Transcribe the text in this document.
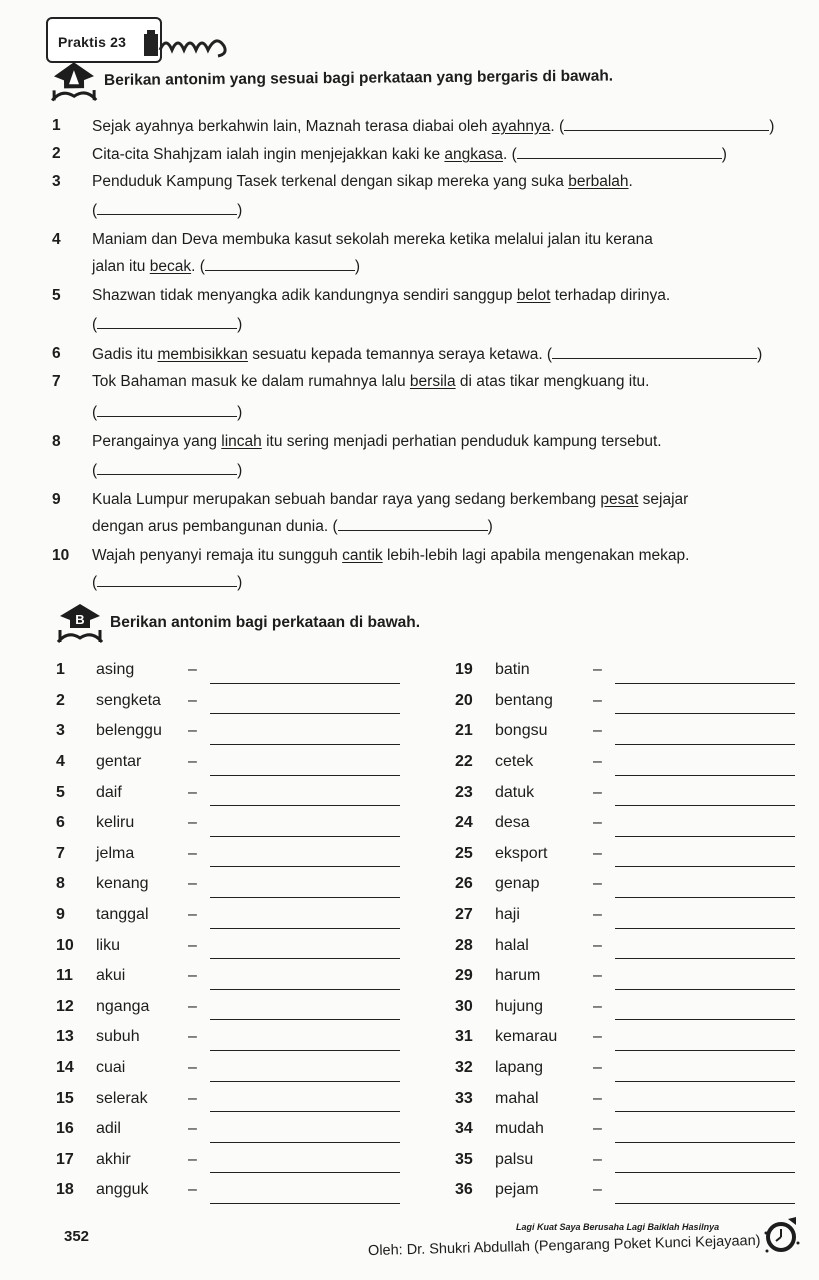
Praktis 23
Berikan antonim yang sesuai bagi perkataan yang bergaris di bawah.
1	Sejak ayahnya berkahwin lain, Maznah terasa diabai oleh ayahnya. (	)
2	Cita-cita Shahjzam ialah ingin menjejakkan kaki ke angkasa. (	)
3	Penduduk Kampung Tasek terkenal dengan sikap mereka yang suka berbalah.
(	)
4	Maniam dan Deva membuka kasut sekolah mereka ketika melalui jalan itu kerana
jalan itu becak. (	)
5	Shazwan tidak menyangka adik kandungnya sendiri sanggup belot terhadap dirinya.
(	)
6	Gadis itu membisikkan sesuatu kepada temannya seraya ketawa. (	)
7	Tok Bahaman masuk ke dalam rumahnya lalu bersila di atas tikar mengkuang itu.
(	)
8	Perangainya yang lincah itu sering menjadi perhatian penduduk kampung tersebut.
(	)
9	Kuala Lumpur merupakan sebuah bandar raya yang sedang berkembang pesat sejajar
dengan arus pembangunan dunia. (	)
10	Wajah penyanyi remaja itu sungguh cantik lebih-lebih lagi apabila mengenakan mekap.
(	)
B Berikan antonim bagi perkataan di bawah.
1	asing	–
2	sengketa	–
3	belenggu	–
4	gentar	–
5	daif	–
6	keliru	–
7	jelma	–
8	kenang	–
9	tanggal	–
10	liku	–
11	akui	–
12	nganga	–
13	subuh	–
14	cuai	–
15	selerak	–
16	adil	–
17	akhir	–
18	angguk	–
19	batin	–
20	bentang	–
21	bongsu	–
22	cetek	–
23	datuk	–
24	desa	–
25	eksport	–
26	genap	–
27	haji	–
28	halal	–
29	harum	–
30	hujung	–
31	kemarau	–
32	lapang	–
33	mahal	–
34	mudah	–
35	palsu	–
36	pejam	–
352
Lagi Kuat Saya Berusaha Lagi Baiklah Hasilnya
Oleh: Dr. Shukri Abdullah (Pengarang Poket Kunci Kejayaan)
